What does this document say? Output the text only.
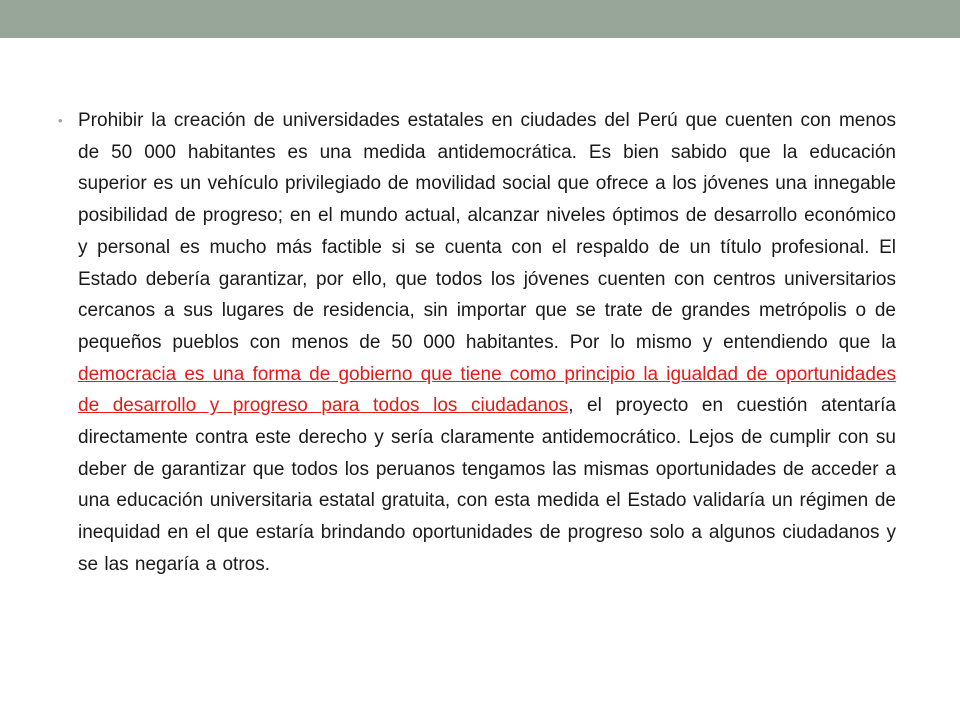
• Prohibir la creación de universidades estatales en ciudades del Perú que cuenten con menos de 50 000 habitantes es una medida antidemocrática. Es bien sabido que la educación superior es un vehículo privilegiado de movilidad social que ofrece a los jóvenes una innegable posibilidad de progreso; en el mundo actual, alcanzar niveles óptimos de desarrollo económico y personal es mucho más factible si se cuenta con el respaldo de un título profesional. El Estado debería garantizar, por ello, que todos los jóvenes cuenten con centros universitarios cercanos a sus lugares de residencia, sin importar que se trate de grandes metrópolis o de pequeños pueblos con menos de 50 000 habitantes. Por lo mismo y entendiendo que la democracia es una forma de gobierno que tiene como principio la igualdad de oportunidades de desarrollo y progreso para todos los ciudadanos, el proyecto en cuestión atentaría directamente contra este derecho y sería claramente antidemocrático. Lejos de cumplir con su deber de garantizar que todos los peruanos tengamos las mismas oportunidades de acceder a una educación universitaria estatal gratuita, con esta medida el Estado validaría un régimen de inequidad en el que estaría brindando oportunidades de progreso solo a algunos ciudadanos y se las negaría a otros.
